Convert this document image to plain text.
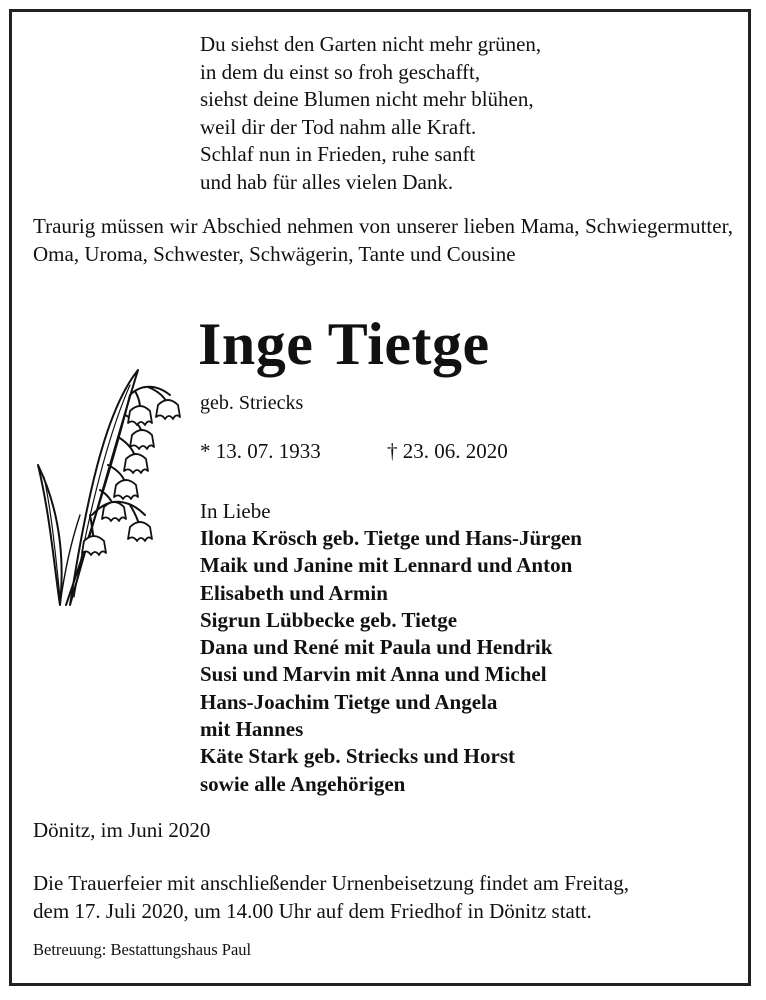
Du siehst den Garten nicht mehr grünen,
in dem du einst so froh geschafft,
siehst deine Blumen nicht mehr blühen,
weil dir der Tod nahm alle Kraft.
Schlaf nun in Frieden, ruhe sanft
und hab für alles vielen Dank.
Traurig müssen wir Abschied nehmen von unserer lieben Mama, Schwiegermutter, Oma, Uroma, Schwester, Schwägerin, Tante und Cousine
Inge Tietge
geb. Striecks
* 13. 07. 1933	† 23. 06. 2020
In Liebe
Ilona Krösch geb. Tietge und Hans-Jürgen
Maik und Janine mit Lennard und Anton
Elisabeth und Armin
Sigrun Lübbecke geb. Tietge
Dana und René mit Paula und Hendrik
Susi und Marvin mit Anna und Michel
Hans-Joachim Tietge und Angela
mit Hannes
Käte Stark geb. Striecks und Horst
sowie alle Angehörigen
Dönitz, im Juni 2020
Die Trauerfeier mit anschließender Urnenbeisetzung findet am Freitag,
dem 17. Juli 2020, um 14.00 Uhr auf dem Friedhof in Dönitz statt.
Betreuung: Bestattungshaus Paul
